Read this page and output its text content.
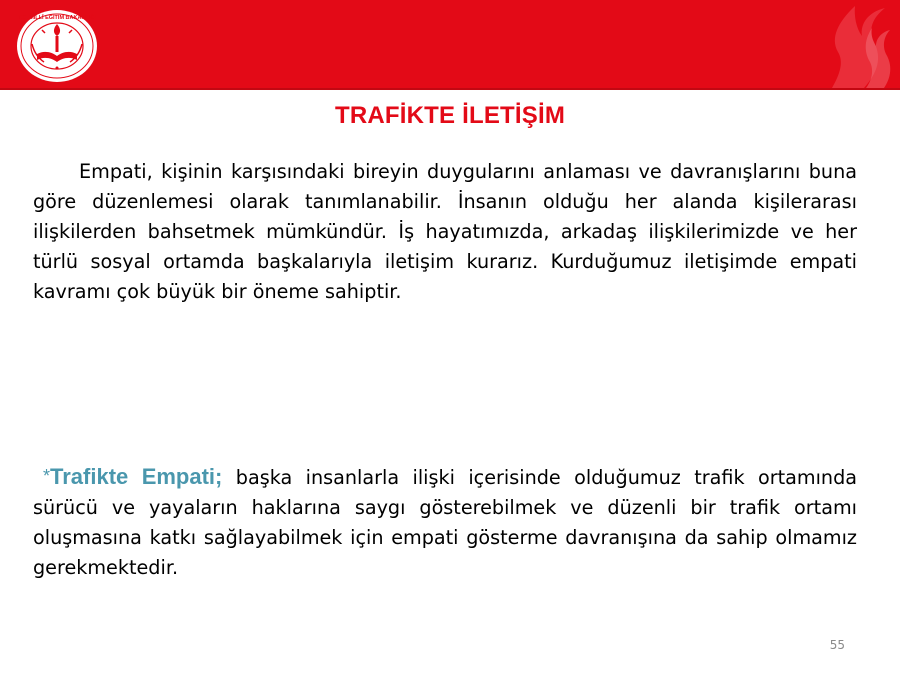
T.C. MİLLÎ EĞİTİM BAKANLIĞI
TRAFİKTE İLETİŞİM

Empati, kişinin karşısındaki bireyin duygularını anlaması ve davranışlarını buna göre düzenlemesi olarak tanımlanabilir. İnsanın olduğu her alanda kişilerarası ilişkilerden bahsetmek mümkündür. İş hayatımızda, arkadaş ilişkilerimizde ve her türlü sosyal ortamda başkalarıyla iletişim kurarız. Kurduğumuz iletişimde empati kavramı çok büyük bir öneme sahiptir.

*Trafikte Empati; başka insanlarla ilişki içerisinde olduğumuz trafik ortamında sürücü ve yayaların haklarına saygı gösterebilmek ve düzenli bir trafik ortamı oluşmasına katkı sağlayabilmek için empati gösterme davranışına da sahip olmamız gerekmektedir.

55
